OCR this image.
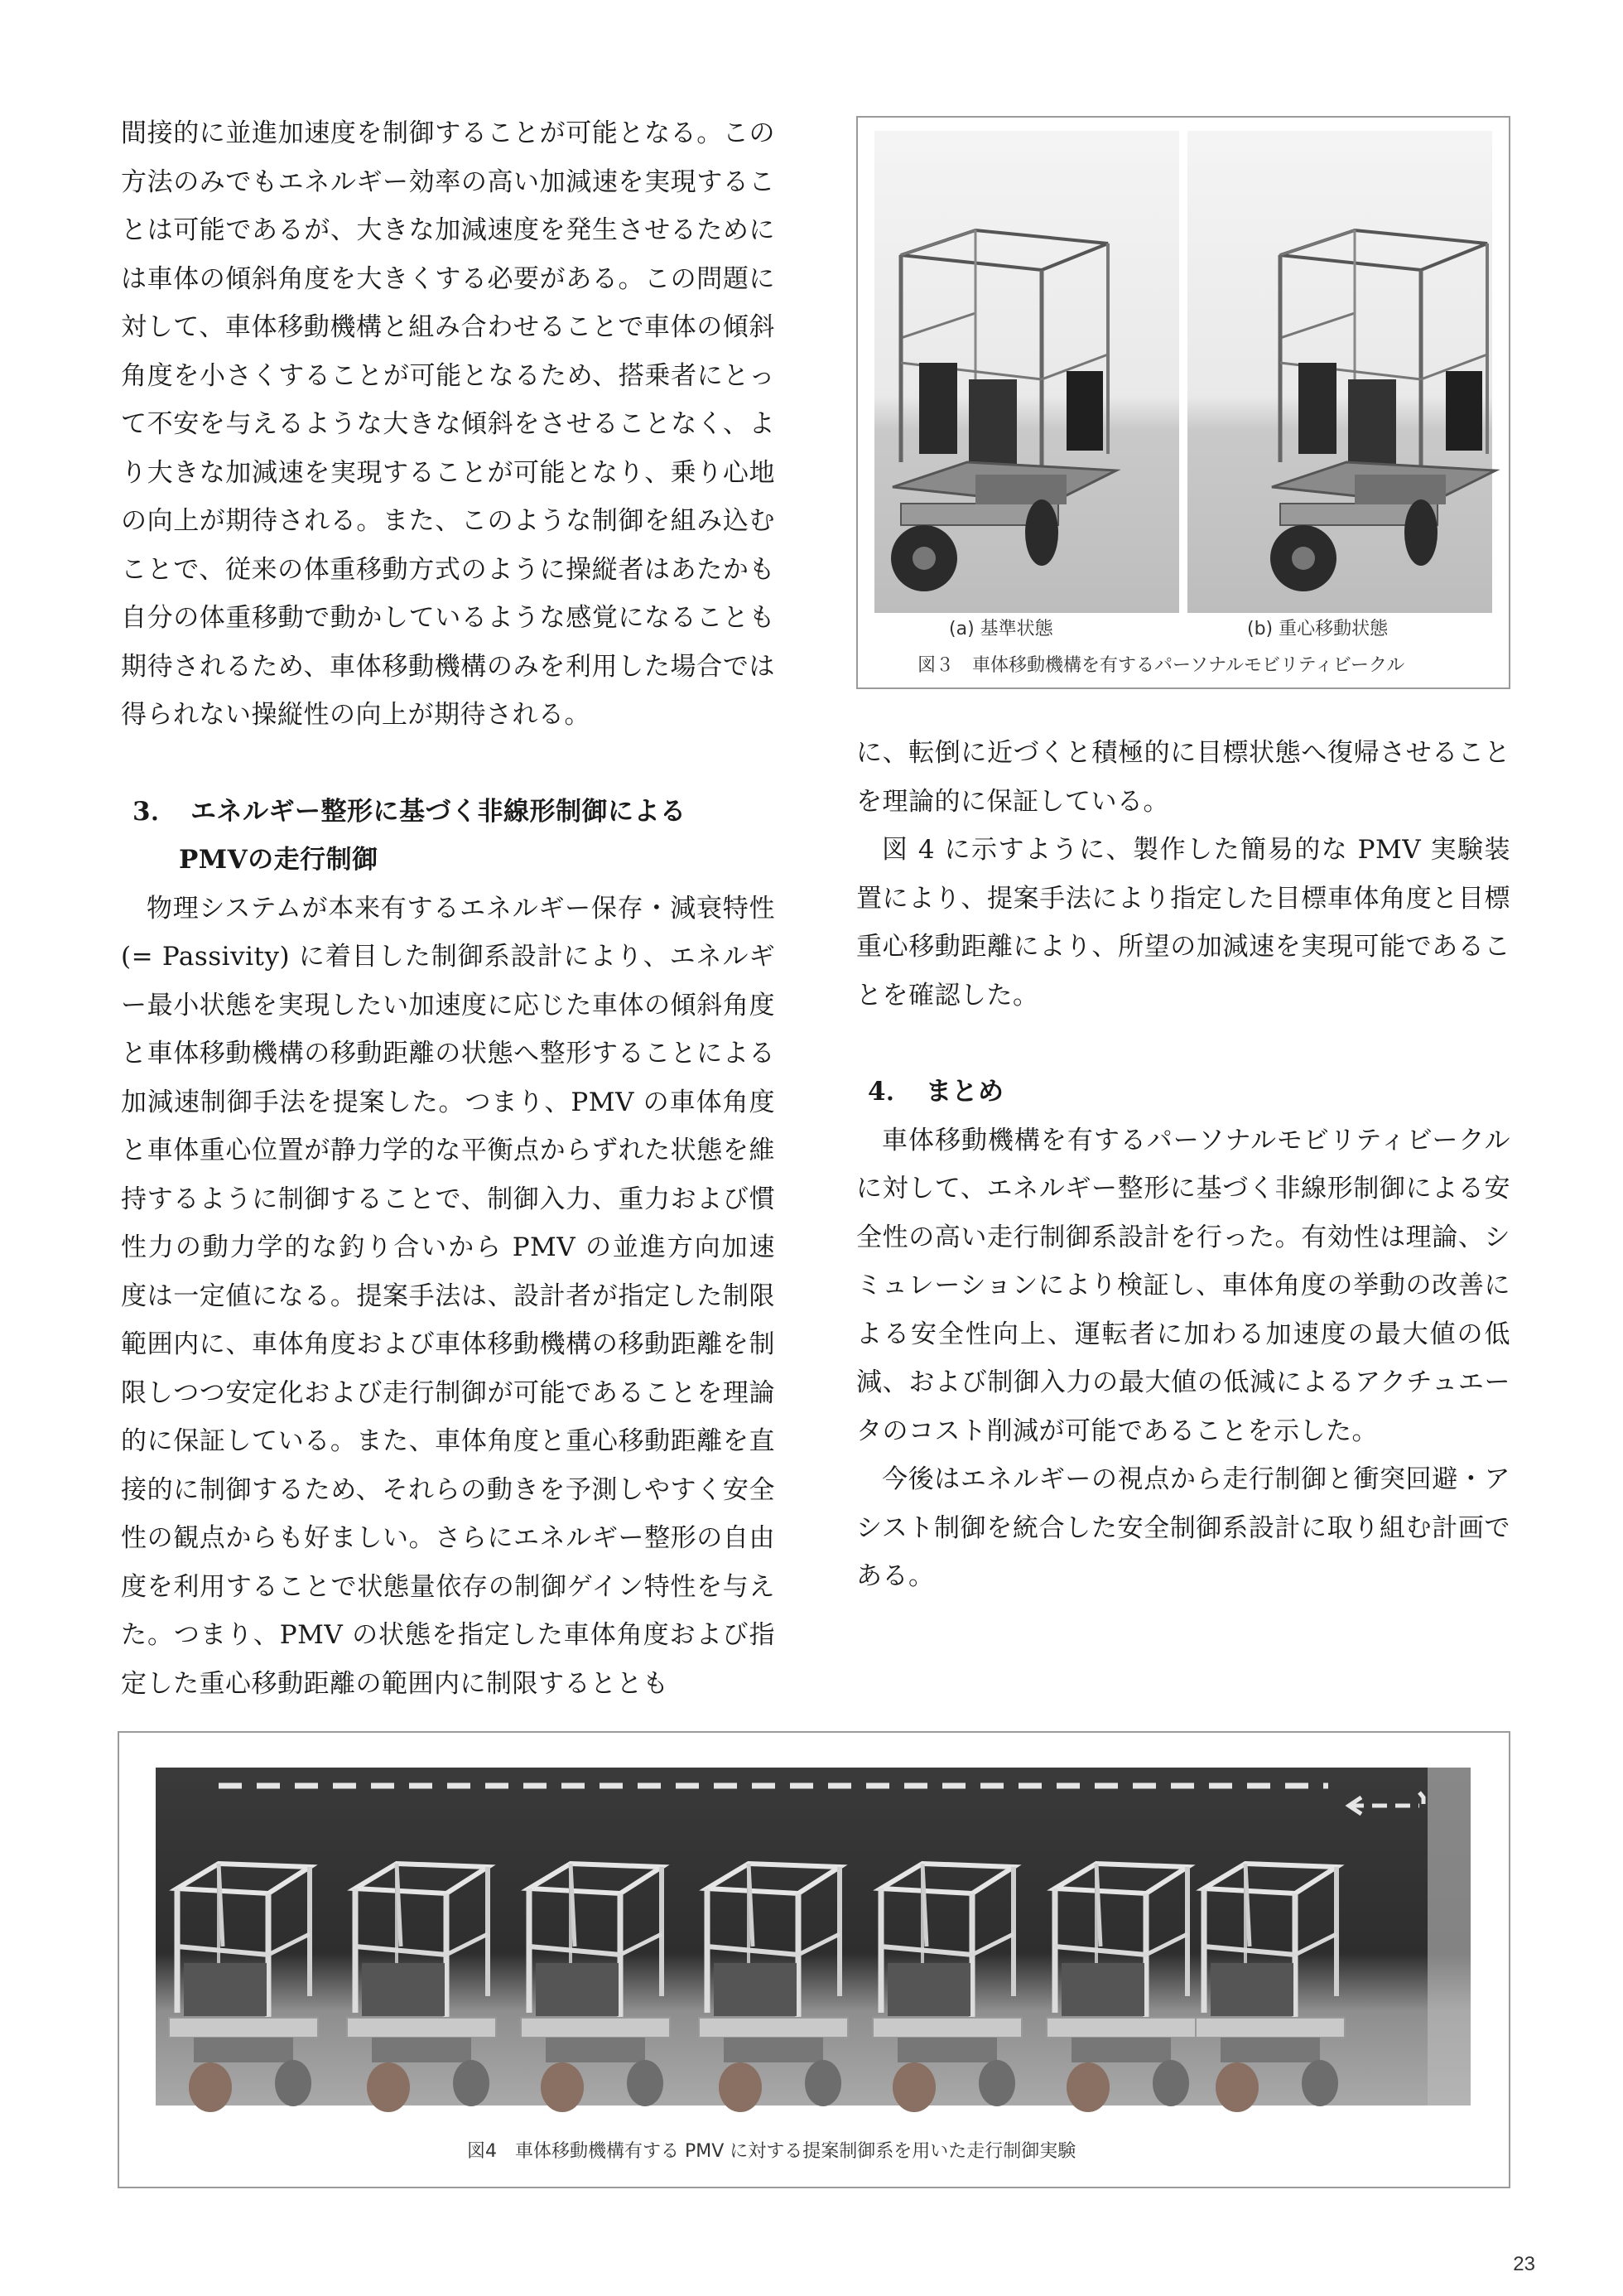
間接的に並進加速度を制御することが可能となる。この方法のみでもエネルギー効率の高い加減速を実現することは可能であるが、大きな加減速度を発生させるためには車体の傾斜角度を大きくする必要がある。この問題に対して、車体移動機構と組み合わせることで車体の傾斜角度を小さくすることが可能となるため、搭乗者にとって不安を与えるような大きな傾斜をさせることなく、より大きな加減速を実現することが可能となり、乗り心地の向上が期待される。また、このような制御を組み込むことで、従来の体重移動方式のように操縦者はあたかも自分の体重移動で動かしているような感覚になることも期待されるため、車体移動機構のみを利用した場合では得られない操縦性の向上が期待される。

3． エネルギー整形に基づく非線形制御による
PMVの走行制御

物理システムが本来有するエネルギー保存・減衰特性 (= Passivity) に着目した制御系設計により、エネルギー最小状態を実現したい加速度に応じた車体の傾斜角度と車体移動機構の移動距離の状態へ整形することによる加減速制御手法を提案した。つまり、PMV の車体角度と車体重心位置が静力学的な平衡点からずれた状態を維持するように制御することで、制御入力、重力および慣性力の動力学的な釣り合いから PMV の並進方向加速度は一定値になる。提案手法は、設計者が指定した制限範囲内に、車体角度および車体移動機構の移動距離を制限しつつ安定化および走行制御が可能であることを理論的に保証している。また、車体角度と重心移動距離を直接的に制御するため、それらの動きを予測しやすく安全性の観点からも好ましい。さらにエネルギー整形の自由度を利用することで状態量依存の制御ゲイン特性を与えた。つまり、PMV の状態を指定した車体角度および指定した重心移動距離の範囲内に制限するととも

(a) 基準状態	(b) 重心移動状態
図３　車体移動機構を有するパーソナルモビリティビークル

に、転倒に近づくと積極的に目標状態へ復帰させることを理論的に保証している。

図 4 に示すように、製作した簡易的な PMV 実験装置により、提案手法により指定した目標車体角度と目標重心移動距離により、所望の加減速を実現可能であることを確認した。

4． まとめ

車体移動機構を有するパーソナルモビリティビークルに対して、エネルギー整形に基づく非線形制御による安全性の高い走行制御系設計を行った。有効性は理論、シミュレーションにより検証し、車体角度の挙動の改善による安全性向上、運転者に加わる加速度の最大値の低減、および制御入力の最大値の低減によるアクチュエータのコスト削減が可能であることを示した。

今後はエネルギーの視点から走行制御と衝突回避・アシスト制御を統合した安全制御系設計に取り組む計画である。

図4　車体移動機構有する PMV に対する提案制御系を用いた走行制御実験
23
